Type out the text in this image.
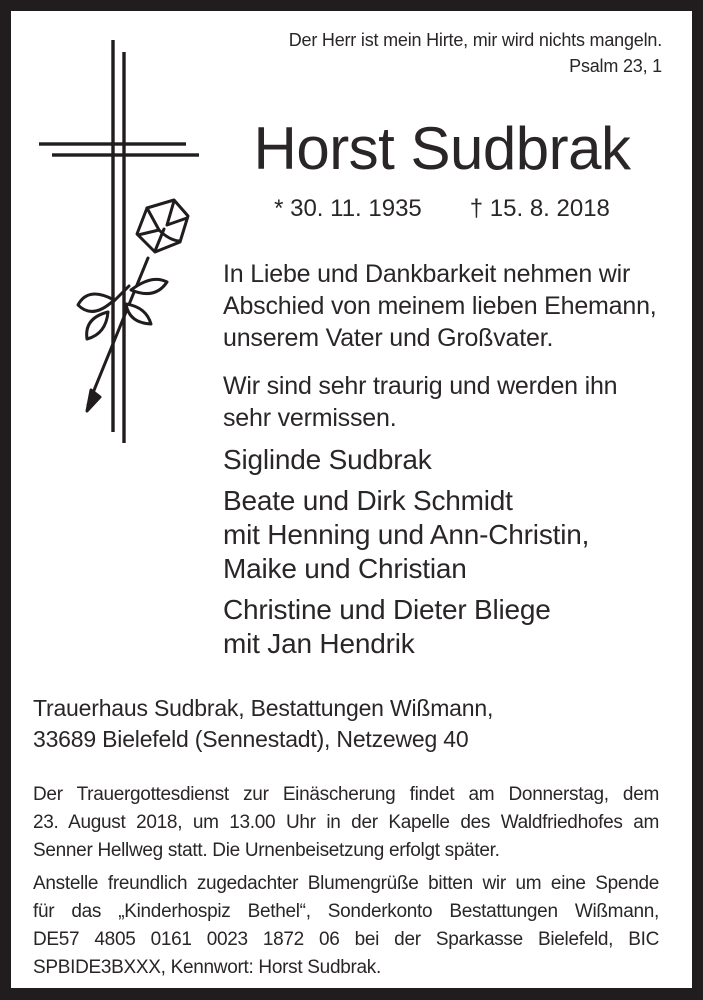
Der Herr ist mein Hirte, mir wird nichts mangeln.
Psalm 23, 1
Horst Sudbrak
* 30. 11. 1935 † 15. 8. 2018
In Liebe und Dankbarkeit nehmen wir
Abschied von meinem lieben Ehemann,
unserem Vater und Großvater.
Wir sind sehr traurig und werden ihn
sehr vermissen.
Siglinde Sudbrak
Beate und Dirk Schmidt
mit Henning und Ann-Christin,
Maike und Christian
Christine und Dieter Bliege
mit Jan Hendrik
Trauerhaus Sudbrak, Bestattungen Wißmann,
33689 Bielefeld (Sennestadt), Netzeweg 40
Der Trauergottesdienst zur Einäscherung findet am Donnerstag, dem
23. August 2018, um 13.00 Uhr in der Kapelle des Waldfriedhofes am
Senner Hellweg statt. Die Urnenbeisetzung erfolgt später.
Anstelle freundlich zugedachter Blumengrüße bitten wir um eine Spende
für das „Kinderhospiz Bethel“, Sonderkonto Bestattungen Wißmann,
DE57 4805 0161 0023 1872 06 bei der Sparkasse Bielefeld, BIC
SPBIDE3BXXX, Kennwort: Horst Sudbrak.
